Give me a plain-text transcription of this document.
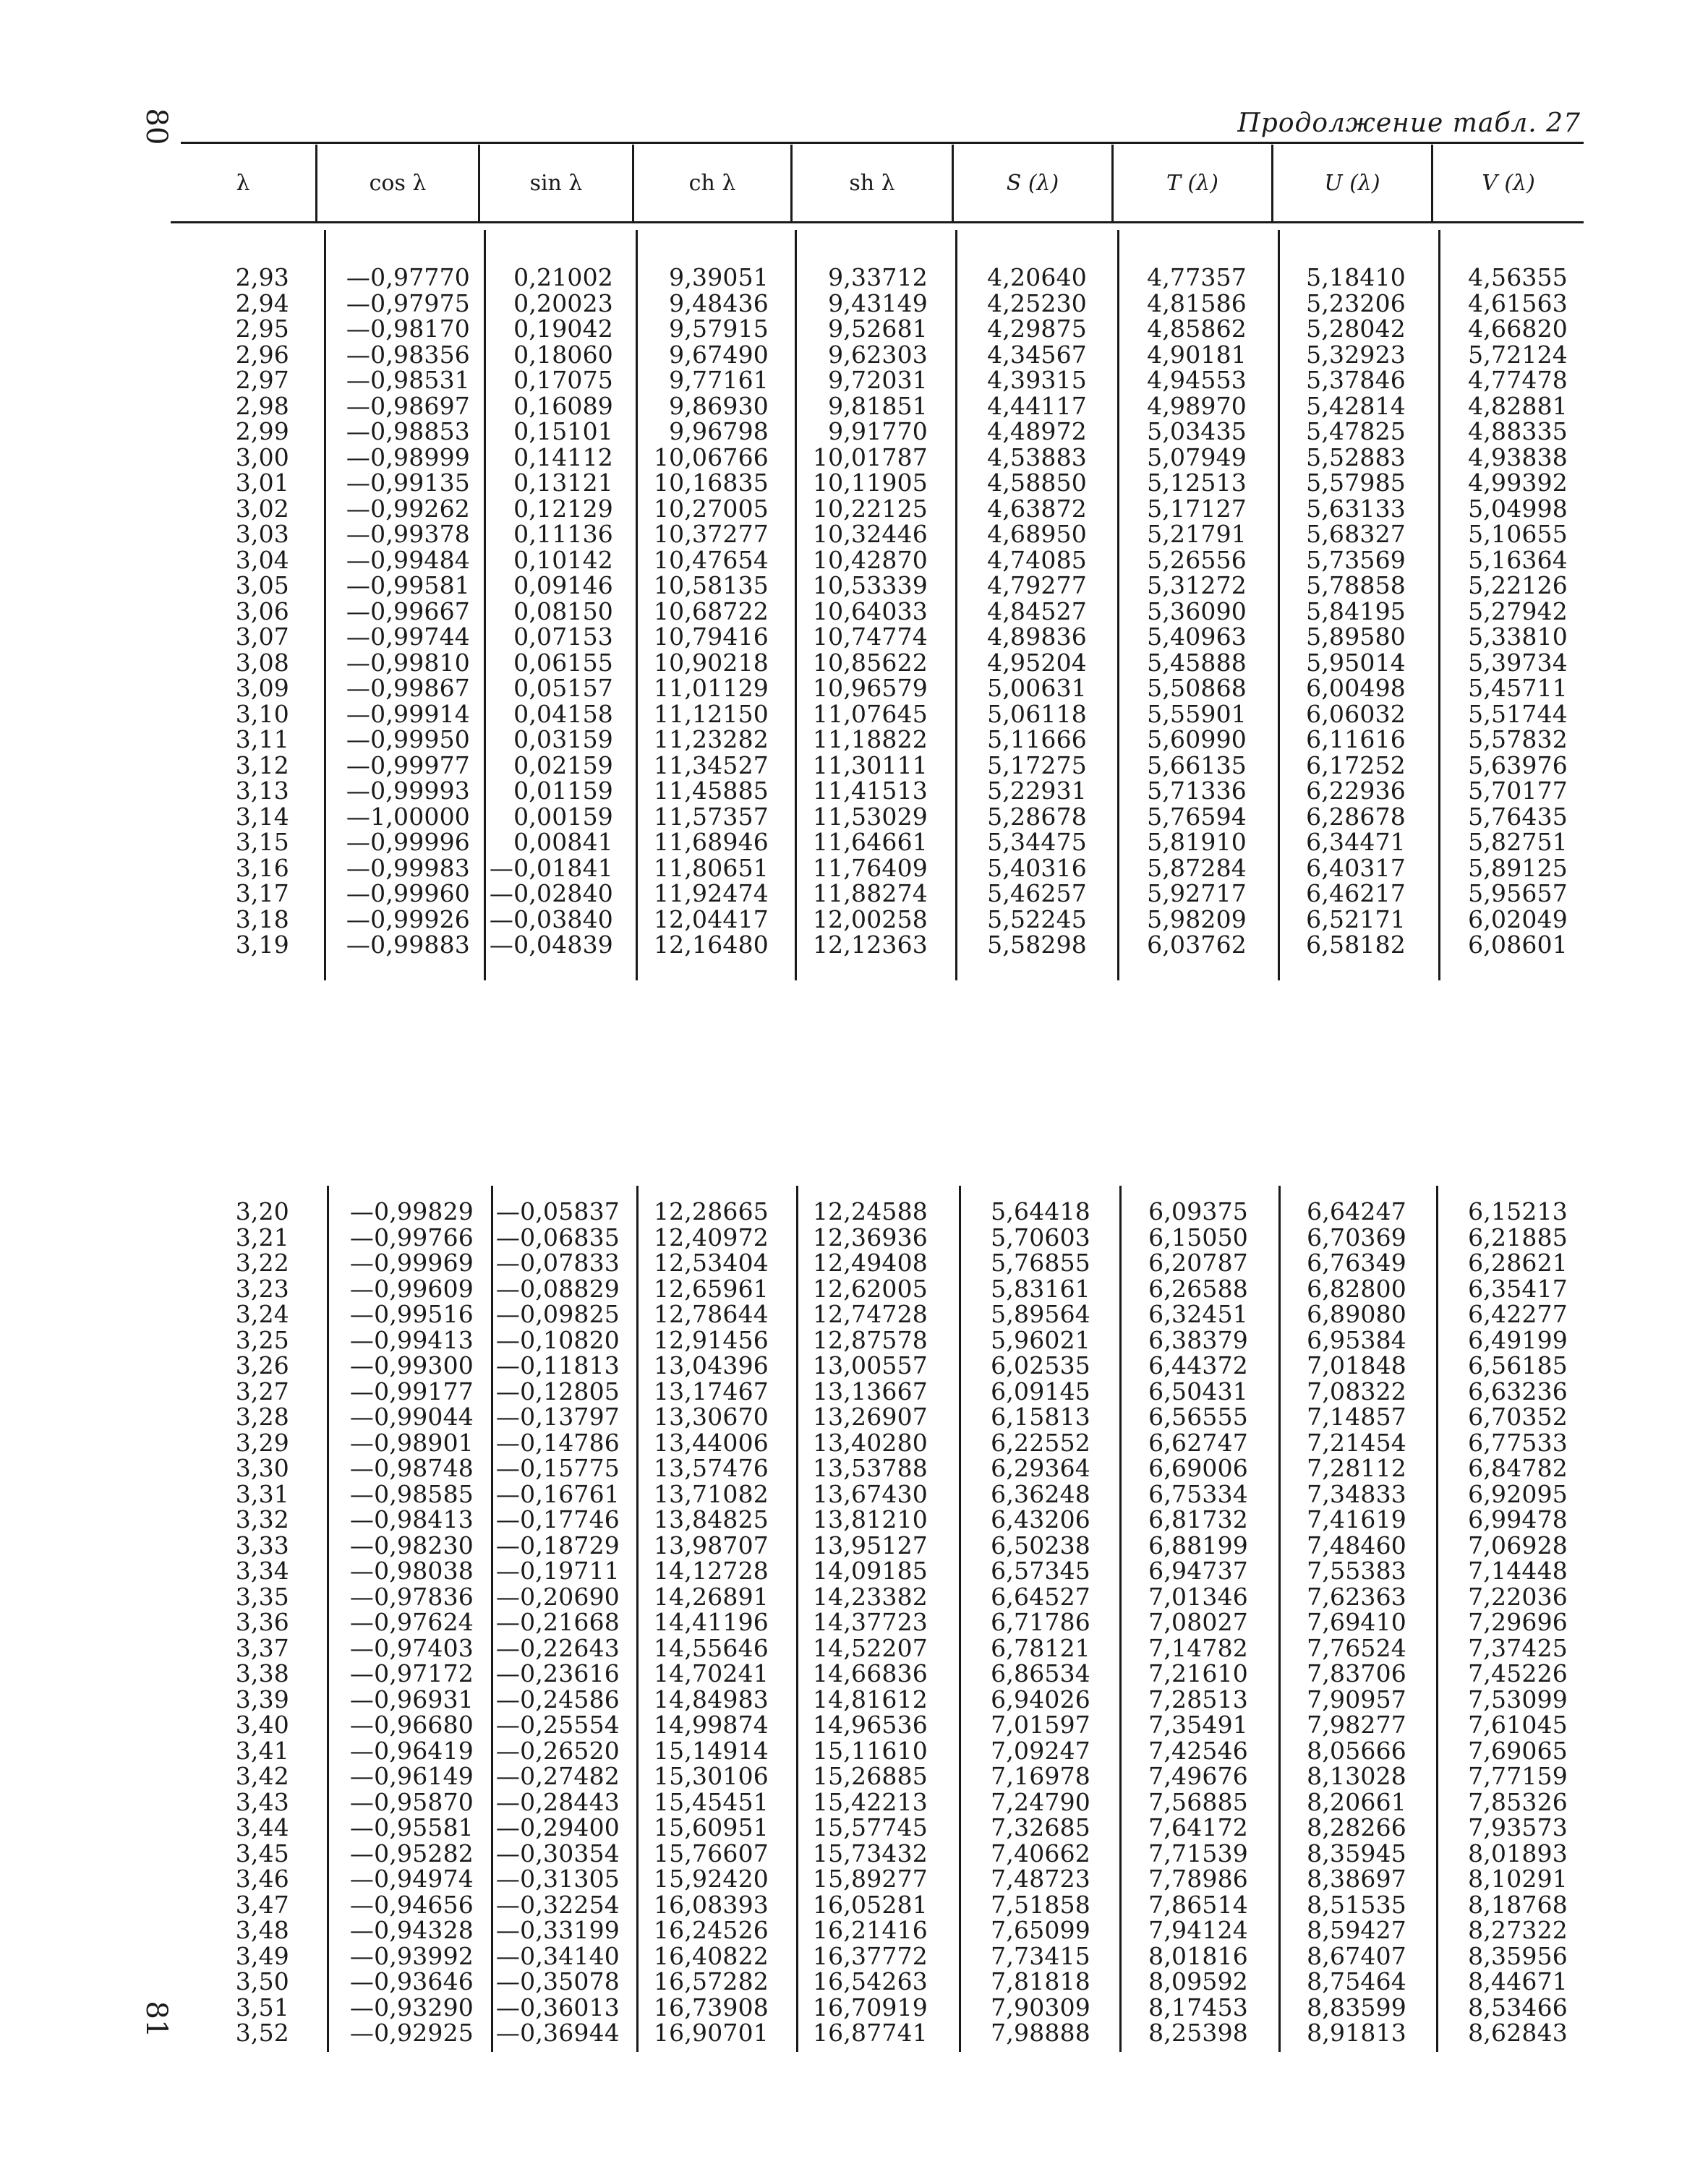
80
81
Продолжение табл. 27
λ	cos λ	sin λ	ch λ	sh λ	S (λ)	T (λ)	U (λ)	V (λ)
2,93	—0,97770	0,21002	9,39051	9,33712	4,20640	4,77357	5,18410	4,56355
2,94	—0,97975	0,20023	9,48436	9,43149	4,25230	4,81586	5,23206	4,61563
2,95	—0,98170	0,19042	9,57915	9,52681	4,29875	4,85862	5,28042	4,66820
2,96	—0,98356	0,18060	9,67490	9,62303	4,34567	4,90181	5,32923	5,72124
2,97	—0,98531	0,17075	9,77161	9,72031	4,39315	4,94553	5,37846	4,77478
2,98	—0,98697	0,16089	9,86930	9,81851	4,44117	4,98970	5,42814	4,82881
2,99	—0,98853	0,15101	9,96798	9,91770	4,48972	5,03435	5,47825	4,88335
3,00	—0,98999	0,14112	10,06766	10,01787	4,53883	5,07949	5,52883	4,93838
3,01	—0,99135	0,13121	10,16835	10,11905	4,58850	5,12513	5,57985	4,99392
3,02	—0,99262	0,12129	10,27005	10,22125	4,63872	5,17127	5,63133	5,04998
3,03	—0,99378	0,11136	10,37277	10,32446	4,68950	5,21791	5,68327	5,10655
3,04	—0,99484	0,10142	10,47654	10,42870	4,74085	5,26556	5,73569	5,16364
3,05	—0,99581	0,09146	10,58135	10,53339	4,79277	5,31272	5,78858	5,22126
3,06	—0,99667	0,08150	10,68722	10,64033	4,84527	5,36090	5,84195	5,27942
3,07	—0,99744	0,07153	10,79416	10,74774	4,89836	5,40963	5,89580	5,33810
3,08	—0,99810	0,06155	10,90218	10,85622	4,95204	5,45888	5,95014	5,39734
3,09	—0,99867	0,05157	11,01129	10,96579	5,00631	5,50868	6,00498	5,45711
3,10	—0,99914	0,04158	11,12150	11,07645	5,06118	5,55901	6,06032	5,51744
3,11	—0,99950	0,03159	11,23282	11,18822	5,11666	5,60990	6,11616	5,57832
3,12	—0,99977	0,02159	11,34527	11,30111	5,17275	5,66135	6,17252	5,63976
3,13	—0,99993	0,01159	11,45885	11,41513	5,22931	5,71336	6,22936	5,70177
3,14	—1,00000	0,00159	11,57357	11,53029	5,28678	5,76594	6,28678	5,76435
3,15	—0,99996	0,00841	11,68946	11,64661	5,34475	5,81910	6,34471	5,82751
3,16	—0,99983 —0,01841	11,80651	11,76409	5,40316	5,87284	6,40317	5,89125
3,17	—0,99960 —0,02840	11,92474	11,88274	5,46257	5,92717	6,46217	5,95657
3,18	—0,99926 —0,03840	12,04417	12,00258	5,52245	5,98209	6,52171	6,02049
3,19	—0,99883 —0,04839	12,16480	12,12363	5,58298	6,03762	6,58182	6,08601
3,20	—0,99829 —0,05837	12,28665	12,24588	5,64418	6,09375	6,64247	6,15213
3,21	—0,99766 —0,06835	12,40972	12,36936	5,70603	6,15050	6,70369	6,21885
3,22	—0,99969 —0,07833	12,53404	12,49408	5,76855	6,20787	6,76349	6,28621
3,23	—0,99609 —0,08829	12,65961	12,62005	5,83161	6,26588	6,82800	6,35417
3,24	—0,99516 —0,09825	12,78644	12,74728	5,89564	6,32451	6,89080	6,42277
3,25	—0,99413 —0,10820	12,91456	12,87578	5,96021	6,38379	6,95384	6,49199
3,26	—0,99300 —0,11813	13,04396	13,00557	6,02535	6,44372	7,01848	6,56185
3,27	—0,99177 —0,12805	13,17467	13,13667	6,09145	6,50431	7,08322	6,63236
3,28	—0,99044 —0,13797	13,30670	13,26907	6,15813	6,56555	7,14857	6,70352
3,29	—0,98901 —0,14786	13,44006	13,40280	6,22552	6,62747	7,21454	6,77533
3,30	—0,98748 —0,15775	13,57476	13,53788	6,29364	6,69006	7,28112	6,84782
3,31	—0,98585 —0,16761	13,71082	13,67430	6,36248	6,75334	7,34833	6,92095
3,32	—0,98413 —0,17746	13,84825	13,81210	6,43206	6,81732	7,41619	6,99478
3,33	—0,98230 —0,18729	13,98707	13,95127	6,50238	6,88199	7,48460	7,06928
3,34	—0,98038 —0,19711	14,12728	14,09185	6,57345	6,94737	7,55383	7,14448
3,35	—0,97836 —0,20690	14,26891	14,23382	6,64527	7,01346	7,62363	7,22036
3,36	—0,97624 —0,21668	14,41196	14,37723	6,71786	7,08027	7,69410	7,29696
3,37	—0,97403 —0,22643	14,55646	14,52207	6,78121	7,14782	7,76524	7,37425
3,38	—0,97172 —0,23616	14,70241	14,66836	6,86534	7,21610	7,83706	7,45226
3,39	—0,96931 —0,24586	14,84983	14,81612	6,94026	7,28513	7,90957	7,53099
3,40	—0,96680 —0,25554	14,99874	14,96536	7,01597	7,35491	7,98277	7,61045
3,41	—0,96419 —0,26520	15,14914	15,11610	7,09247	7,42546	8,05666	7,69065
3,42	—0,96149 —0,27482	15,30106	15,26885	7,16978	7,49676	8,13028	7,77159
3,43	—0,95870 —0,28443	15,45451	15,42213	7,24790	7,56885	8,20661	7,85326
3,44	—0,95581 —0,29400	15,60951	15,57745	7,32685	7,64172	8,28266	7,93573
3,45	—0,95282 —0,30354	15,76607	15,73432	7,40662	7,71539	8,35945	8,01893
3,46	—0,94974 —0,31305	15,92420	15,89277	7,48723	7,78986	8,38697	8,10291
3,47	—0,94656 —0,32254	16,08393	16,05281	7,51858	7,86514	8,51535	8,18768
3,48	—0,94328 —0,33199	16,24526	16,21416	7,65099	7,94124	8,59427	8,27322
3,49	—0,93992 —0,34140	16,40822	16,37772	7,73415	8,01816	8,67407	8,35956
3,50	—0,93646 —0,35078	16,57282	16,54263	7,81818	8,09592	8,75464	8,44671
3,51	—0,93290 —0,36013	16,73908	16,70919	7,90309	8,17453	8,83599	8,53466
3,52	—0,92925 —0,36944	16,90701	16,87741	7,98888	8,25398	8,91813	8,62843
